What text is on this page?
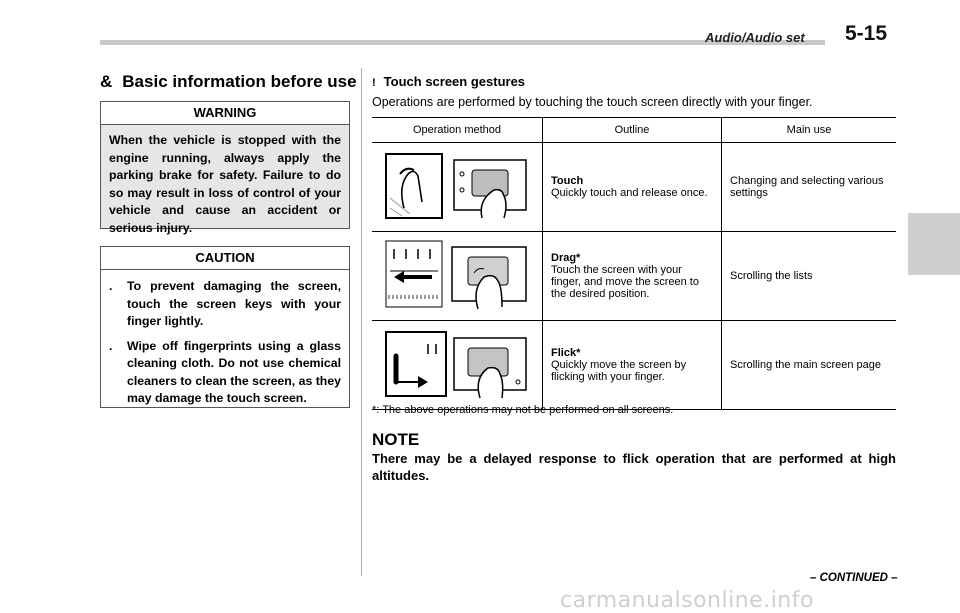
Audio/Audio set 5-15
& Basic information before use
WARNING
When the vehicle is stopped with the engine running, always apply the parking brake for safety. Failure to do so may result in loss of control of your vehicle and cause an accident or serious injury.
CAUTION
. To prevent damaging the screen, touch the screen keys with your finger lightly.
. Wipe off fingerprints using a glass cleaning cloth. Do not use chemical cleaners to clean the screen, as they may damage the touch screen.
! Touch screen gestures
Operations are performed by touching the touch screen directly with your finger.
Operation method	Outline	Main use

Touch
Quickly touch and release once.	Changing and selecting various settings

Drag*
Touch the screen with your finger, and move the screen to the desired position.	Scrolling the lists

Flick*
Quickly move the screen by flicking with your finger.	Scrolling the main screen page
*: The above operations may not be performed on all screens.
NOTE
There may be a delayed response to flick operation that are performed at high altitudes.
– CONTINUED –
carmanualsonline.info
